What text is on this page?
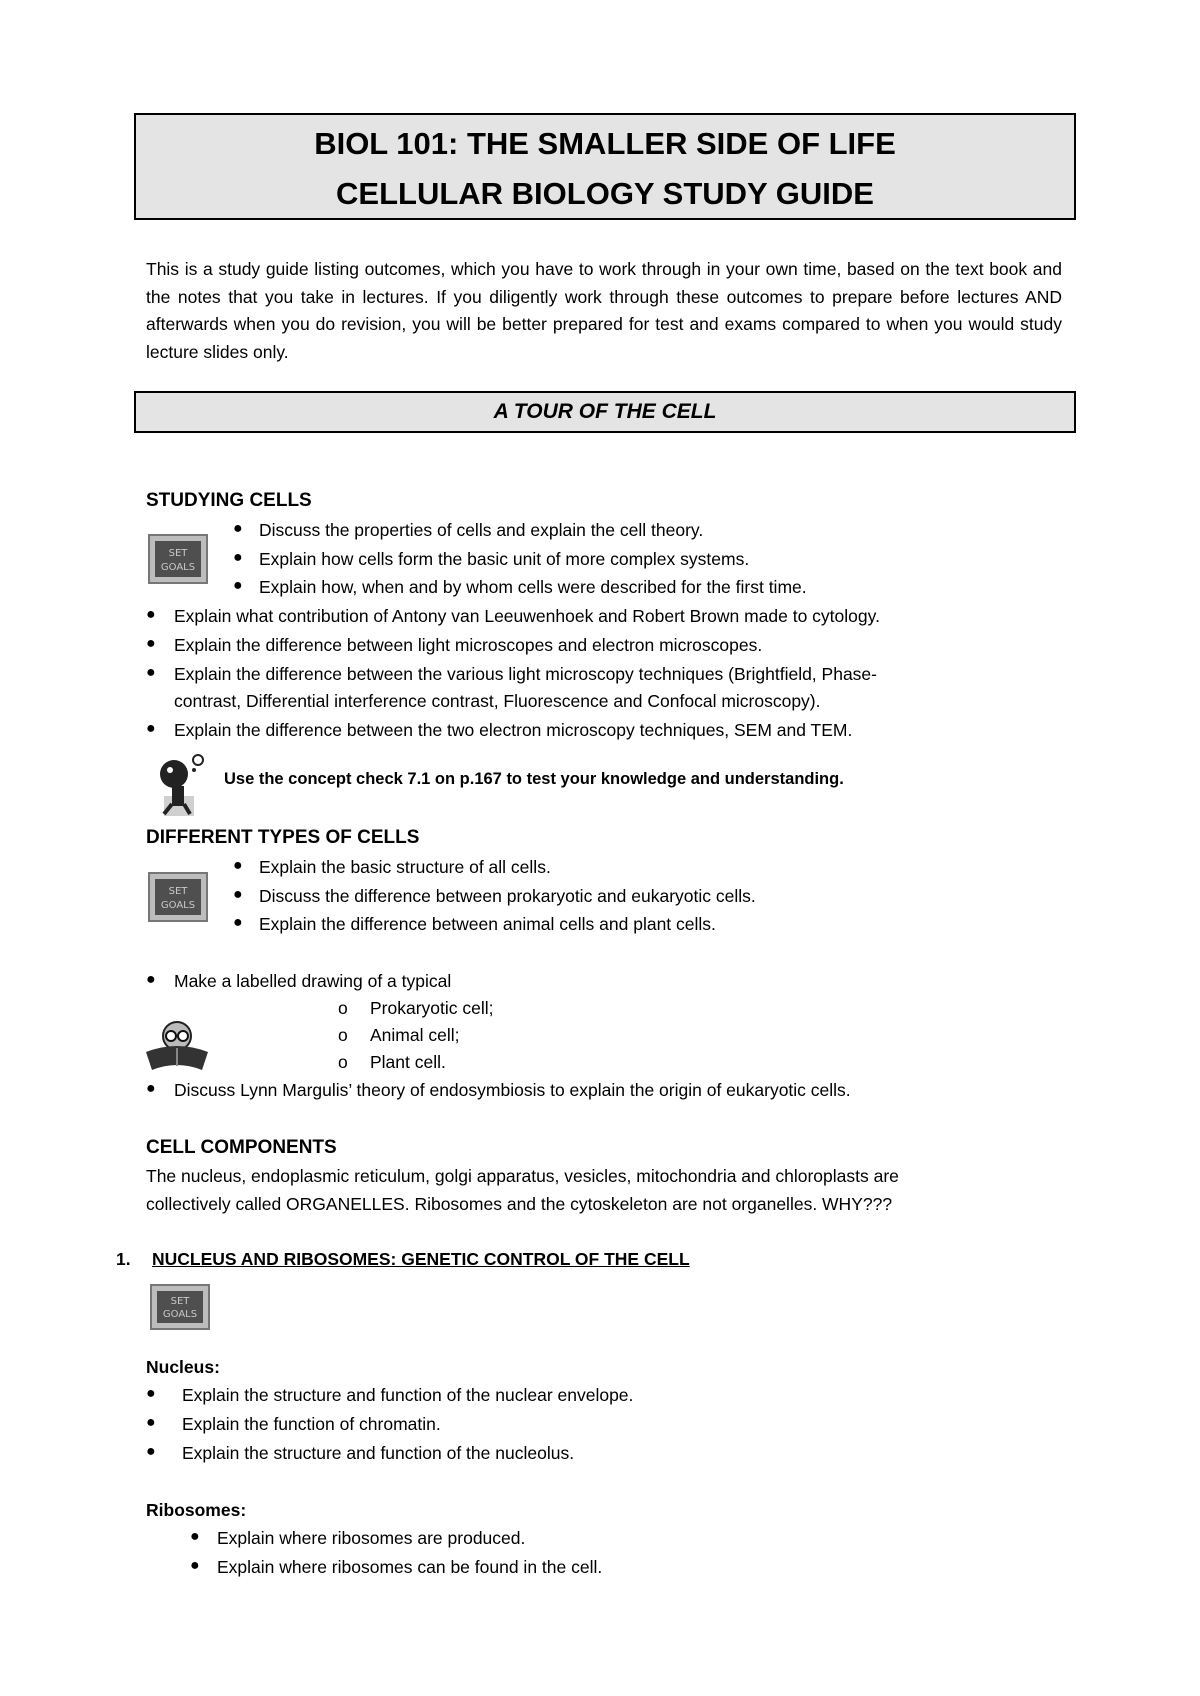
BIOL 101: THE SMALLER SIDE OF LIFE
CELLULAR BIOLOGY STUDY GUIDE
This is a study guide listing outcomes, which you have to work through in your own time, based on the text book and the notes that you take in lectures. If you diligently work through these outcomes to prepare before lectures AND afterwards when you do revision, you will be better prepared for test and exams compared to when you would study lecture slides only.
A TOUR OF THE CELL
STUDYING CELLS
SET
GOALS
● Discuss the properties of cells and explain the cell theory.
● Explain how cells form the basic unit of more complex systems.
● Explain how, when and by whom cells were described for the first time.
● Explain what contribution of Antony van Leeuwenhoek and Robert Brown made to cytology.
● Explain the difference between light microscopes and electron microscopes.
● Explain the difference between the various light microscopy techniques (Brightfield, Phase-
contrast, Differential interference contrast, Fluorescence and Confocal microscopy).
● Explain the difference between the two electron microscopy techniques, SEM and TEM.
Use the concept check 7.1 on p.167 to test your knowledge and understanding.
DIFFERENT TYPES OF CELLS
SET
GOALS
● Explain the basic structure of all cells.
● Discuss the difference between prokaryotic and eukaryotic cells.
● Explain the difference between animal cells and plant cells.
● Make a labelled drawing of a typical
o Prokaryotic cell;
o Animal cell;
o Plant cell.
● Discuss Lynn Margulis’ theory of endosymbiosis to explain the origin of eukaryotic cells.
CELL COMPONENTS
The nucleus, endoplasmic reticulum, golgi apparatus, vesicles, mitochondria and chloroplasts are
collectively called ORGANELLES. Ribosomes and the cytoskeleton are not organelles. WHY???
1. NUCLEUS AND RIBOSOMES: GENETIC CONTROL OF THE CELL
SET
GOALS
Nucleus:
● Explain the structure and function of the nuclear envelope.
● Explain the function of chromatin.
● Explain the structure and function of the nucleolus.
Ribosomes:
● Explain where ribosomes are produced.
● Explain where ribosomes can be found in the cell.
